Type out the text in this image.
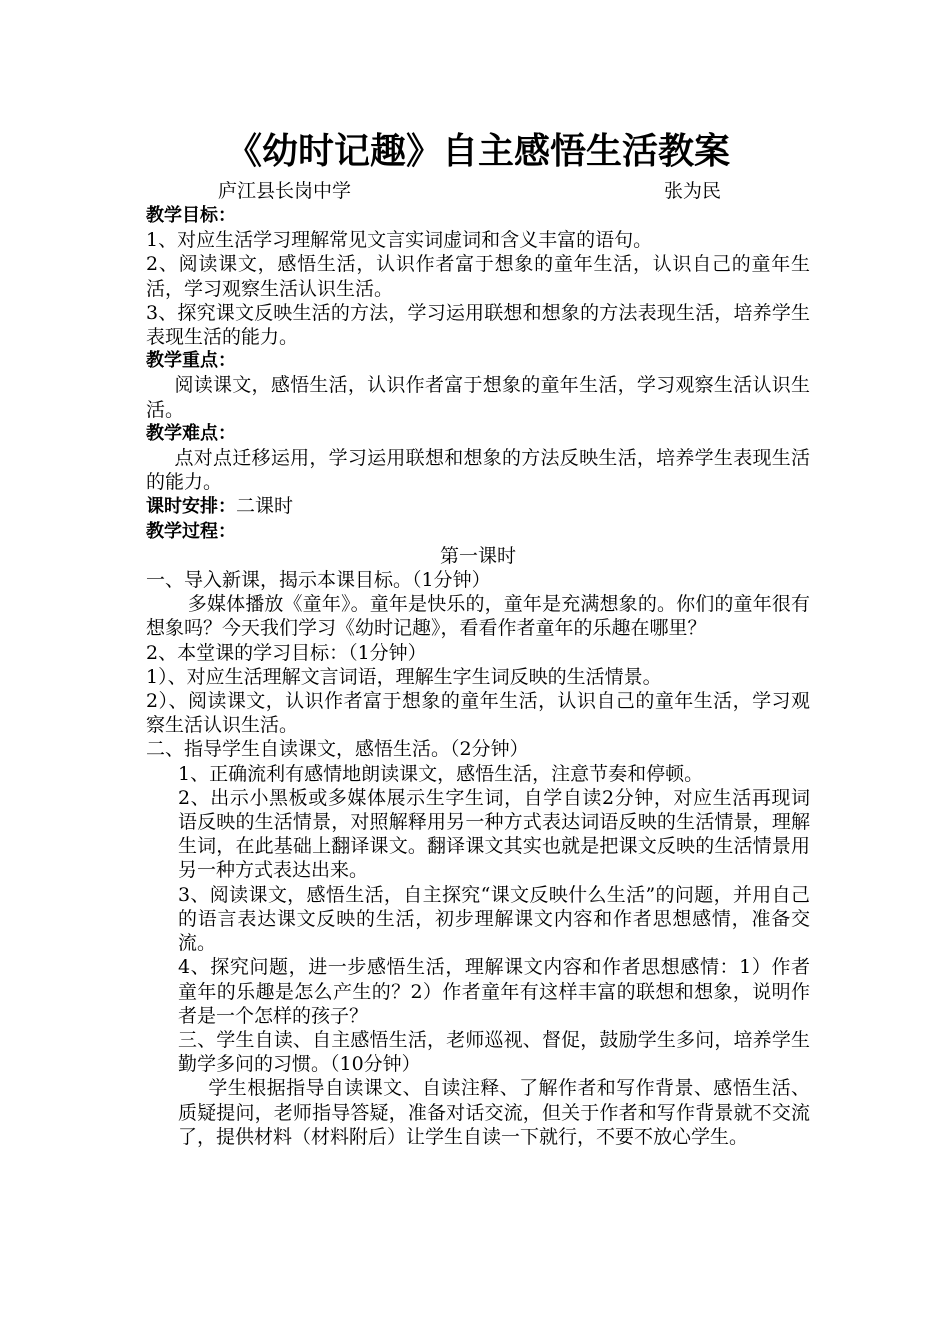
《幼时记趣》自主感悟生活教案
庐江县长岗中学	张为民
教学目标：

1、对应生活学习理解常见文言实词虚词和含义丰富的语句。

2、阅读课文，感悟生活，认识作者富于想象的童年生活，认识自己的童年生活，学习观察生活认识生活。

3、探究课文反映生活的方法，学习运用联想和想象的方法表现生活，培养学生表现生活的能力。

教学重点：

阅读课文，感悟生活，认识作者富于想象的童年生活，学习观察生活认识生活。

教学难点：

点对点迁移运用，学习运用联想和想象的方法反映生活，培养学生表现生活的能力。

课时安排：二课时

教学过程：

第一课时

一、导入新课，揭示本课目标。（1分钟）

多媒体播放《童年》。童年是快乐的，童年是充满想象的。你们的童年很有想象吗？今天我们学习《幼时记趣》，看看作者童年的乐趣在哪里？

2、本堂课的学习目标：（1分钟）

1）、对应生活理解文言词语，理解生字生词反映的生活情景。

2）、阅读课文，认识作者富于想象的童年生活，认识自己的童年生活，学习观察生活认识生活。

二、指导学生自读课文，感悟生活。（2分钟）

1、正确流利有感情地朗读课文，感悟生活，注意节奏和停顿。

2、出示小黑板或多媒体展示生字生词，自学自读2分钟，对应生活再现词语反映的生活情景，对照解释用另一种方式表达词语反映的生活情景，理解生词，在此基础上翻译课文。翻译课文其实也就是把课文反映的生活情景用另一种方式表达出来。

3、阅读课文，感悟生活，自主探究“课文反映什么生活”的问题，并用自己的语言表达课文反映的生活，初步理解课文内容和作者思想感情，准备交流。

4、探究问题，进一步感悟生活，理解课文内容和作者思想感情：1）作者童年的乐趣是怎么产生的？2）作者童年有这样丰富的联想和想象，说明作者是一个怎样的孩子？

三、学生自读、自主感悟生活，老师巡视、督促，鼓励学生多问，培养学生勤学多问的习惯。（10分钟）

学生根据指导自读课文、自读注释、了解作者和写作背景、感悟生活、质疑提问，老师指导答疑，准备对话交流，但关于作者和写作背景就不交流了，提供材料（材料附后）让学生自读一下就行，不要不放心学生。
